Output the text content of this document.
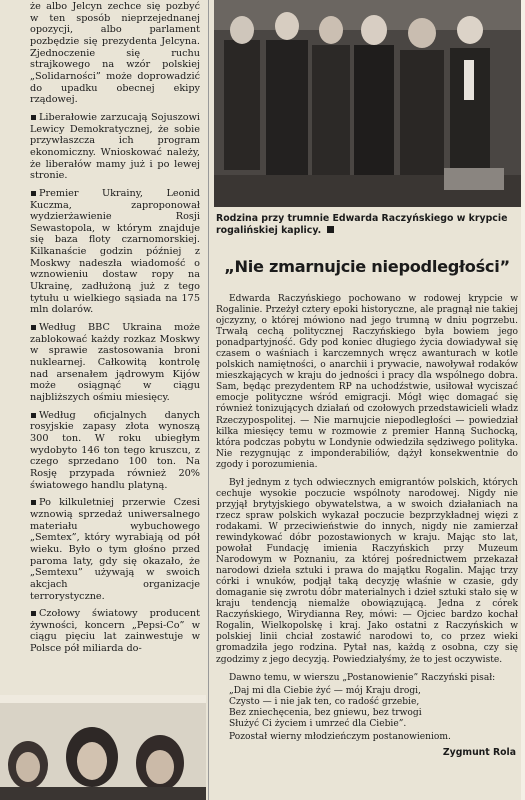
że albo Jelcyn zechce się pozbyć w ten sposób nieprzejednanej opozycji, albo parlament pozbędzie się prezydenta Jelcyna. Zjednoczenie się ruchu strajkowego na wzór polskiej „Solidarności” może doprowadzić do upadku obecnej ekipy rządowej.

Liberałowie zarzucają Sojuszowi Lewicy Demokratycznej, że sobie przywłaszcza ich program ekonomiczny. Wnioskować należy, że liberałów mamy już i po lewej stronie.

Premier Ukrainy, Leonid Kuczma, zaproponował wydzierżawienie Rosji Sewastopola, w którym znajduje się baza floty czarnomorskiej. Kilkanaście godzin później z Moskwy nadeszła wiadomość o wznowieniu dostaw ropy na Ukrainę, zadłużoną już z tego tytułu u wielkiego sąsiada na 175 mln dolarów.

Według BBC Ukraina może zablokować każdy rozkaz Moskwy w sprawie zastosowania broni nuklearnej. Całkowitą kontrolę nad arsenałem jądrowym Kijów może osiągnąć w ciągu najbliższych ośmiu miesięcy.

Według oficjalnych danych rosyjskie zapasy złota wynoszą 300 ton. W roku ubiegłym wydobyto 146 ton tego kruszcu, z czego sprzedano 100 ton. Na Rosję przypada również 20% światowego handlu platyną.

Po kilkuletniej przerwie Czesi wznowią sprzedaż uniwersalnego materiału wybuchowego „Semtex”, który wyrabiają od pół wieku. Było o tym głośno przed paroma laty, gdy się okazało, że „Semtexu” używają w swoich akcjach organizacje terrorystyczne.

Czołowy światowy producent żywności, koncern „Pepsi-Co” w ciągu pięciu lat zainwestuje w Polsce pół miliarda do-

Rodzina przy trumnie Edwarda Raczyńskiego w krypcie rogalińskiej kaplicy.

„Nie zmarnujcie niepodległości”

Edwarda Raczyńskiego pochowano w rodowej krypcie w Rogalinie. Przeżył cztery epoki historyczne, ale pragnął nie takiej ojczyzny, o której mówiono nad jego trumną w dniu pogrzebu. Trwałą cechą politycznej Raczyńskiego była bowiem jego ponadpartyjność. Gdy pod koniec długiego życia dowiadywał się czasem o waśniach i karczemnych wręcz awanturach w kotle polskich namiętności, o anarchii i prywacie, nawoływał rodaków mieszkających w kraju do jedności i pracy dla wspólnego dobra. Sam, będąc prezydentem RP na uchodźstwie, usiłował wyciszać emocje polityczne wśród emigracji. Mógł więc domagać się również tonizujących działań od czołowych przedstawicieli władz Rzeczypospolitej. — Nie marnujcie niepodległości — powiedział kilka miesięcy temu w rozmowie z premier Hanną Suchocką, która podczas pobytu w Londynie odwiedziła sędziwego polityka. Nie rezygnując z imponderabiliów, dążył konsekwentnie do zgody i porozumienia.

Był jednym z tych odwiecznych emigrantów polskich, których cechuje wysokie poczucie wspólnoty narodowej. Nigdy nie przyjął brytyjskiego obywatelstwa, a w swoich działaniach na rzecz spraw polskich wykazał poczucie bezprzykładnej więzi z rodakami. W przeciwieństwie do innych, nigdy nie zamierzał rewindykować dóbr pozostawionych w kraju. Mając sto lat, powołał Fundację imienia Raczyńskich przy Muzeum Narodowym w Poznaniu, za której pośrednictwem przekazał narodowi dzieła sztuki i prawa do majątku Rogalin. Mając trzy córki i wnuków, podjął taką decyzję właśnie w czasie, gdy domaganie się zwrotu dóbr materialnych i dzieł sztuki stało się w kraju tendencją niemalże obowiązującą. Jedna z córek Raczyńskiego, Wirydianna Rey, mówi: — Ojciec bardzo kochał Rogalin, Wielkopolskę i kraj. Jako ostatni z Raczyńskich w polskiej linii chciał zostawić narodowi to, co przez wieki gromadziła jego rodzina. Pytał nas, każdą z osobna, czy się zgodzimy z jego decyzją. Powiedziałyśmy, że to jest oczywiste.

Dawno temu, w wierszu „Postanowienie” Raczyński pisał:

„Daj mi dla Ciebie żyć — mój Kraju drogi,
Czysto — i nie jak ten, co radość grzebie,
Bez zniechęcenia, bez gniewu, bez trwogi
Służyć Ci życiem i umrzeć dla Ciebie”.

Pozostał wierny młodzieńczym postanowieniom.

Zygmunt Rola
